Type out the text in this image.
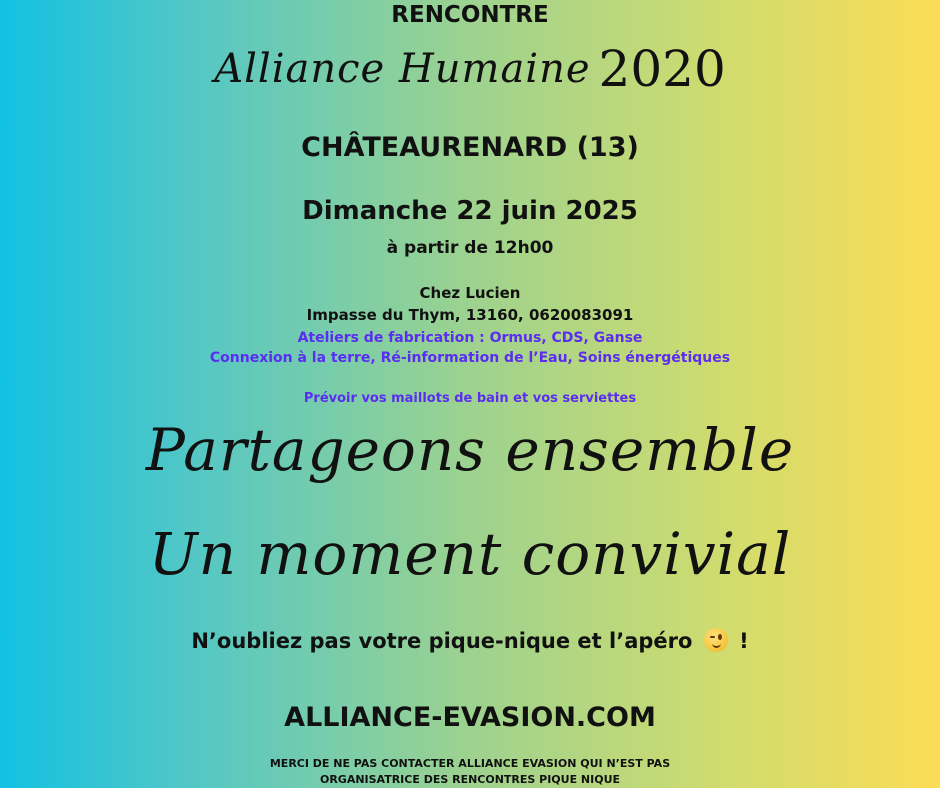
RENCONTRE

Alliance Humaine 2020

CHÂTEAURENARD (13)

Dimanche 22 juin 2025

à partir de 12h00

Chez Lucien

Impasse du Thym, 13160, 0620083091

Ateliers de fabrication : Ormus, CDS, Ganse

Connexion à la terre, Ré-information de l’Eau, Soins énergétiques

Prévoir vos maillots de bain et vos serviettes

Partageons ensemble

Un moment convivial

N’oubliez pas votre pique-nique et l’apéro !

ALLIANCE-EVASION.COM

MERCI DE NE PAS CONTACTER ALLIANCE EVASION QUI N’EST PAS

ORGANISATRICE DES RENCONTRES PIQUE NIQUE
